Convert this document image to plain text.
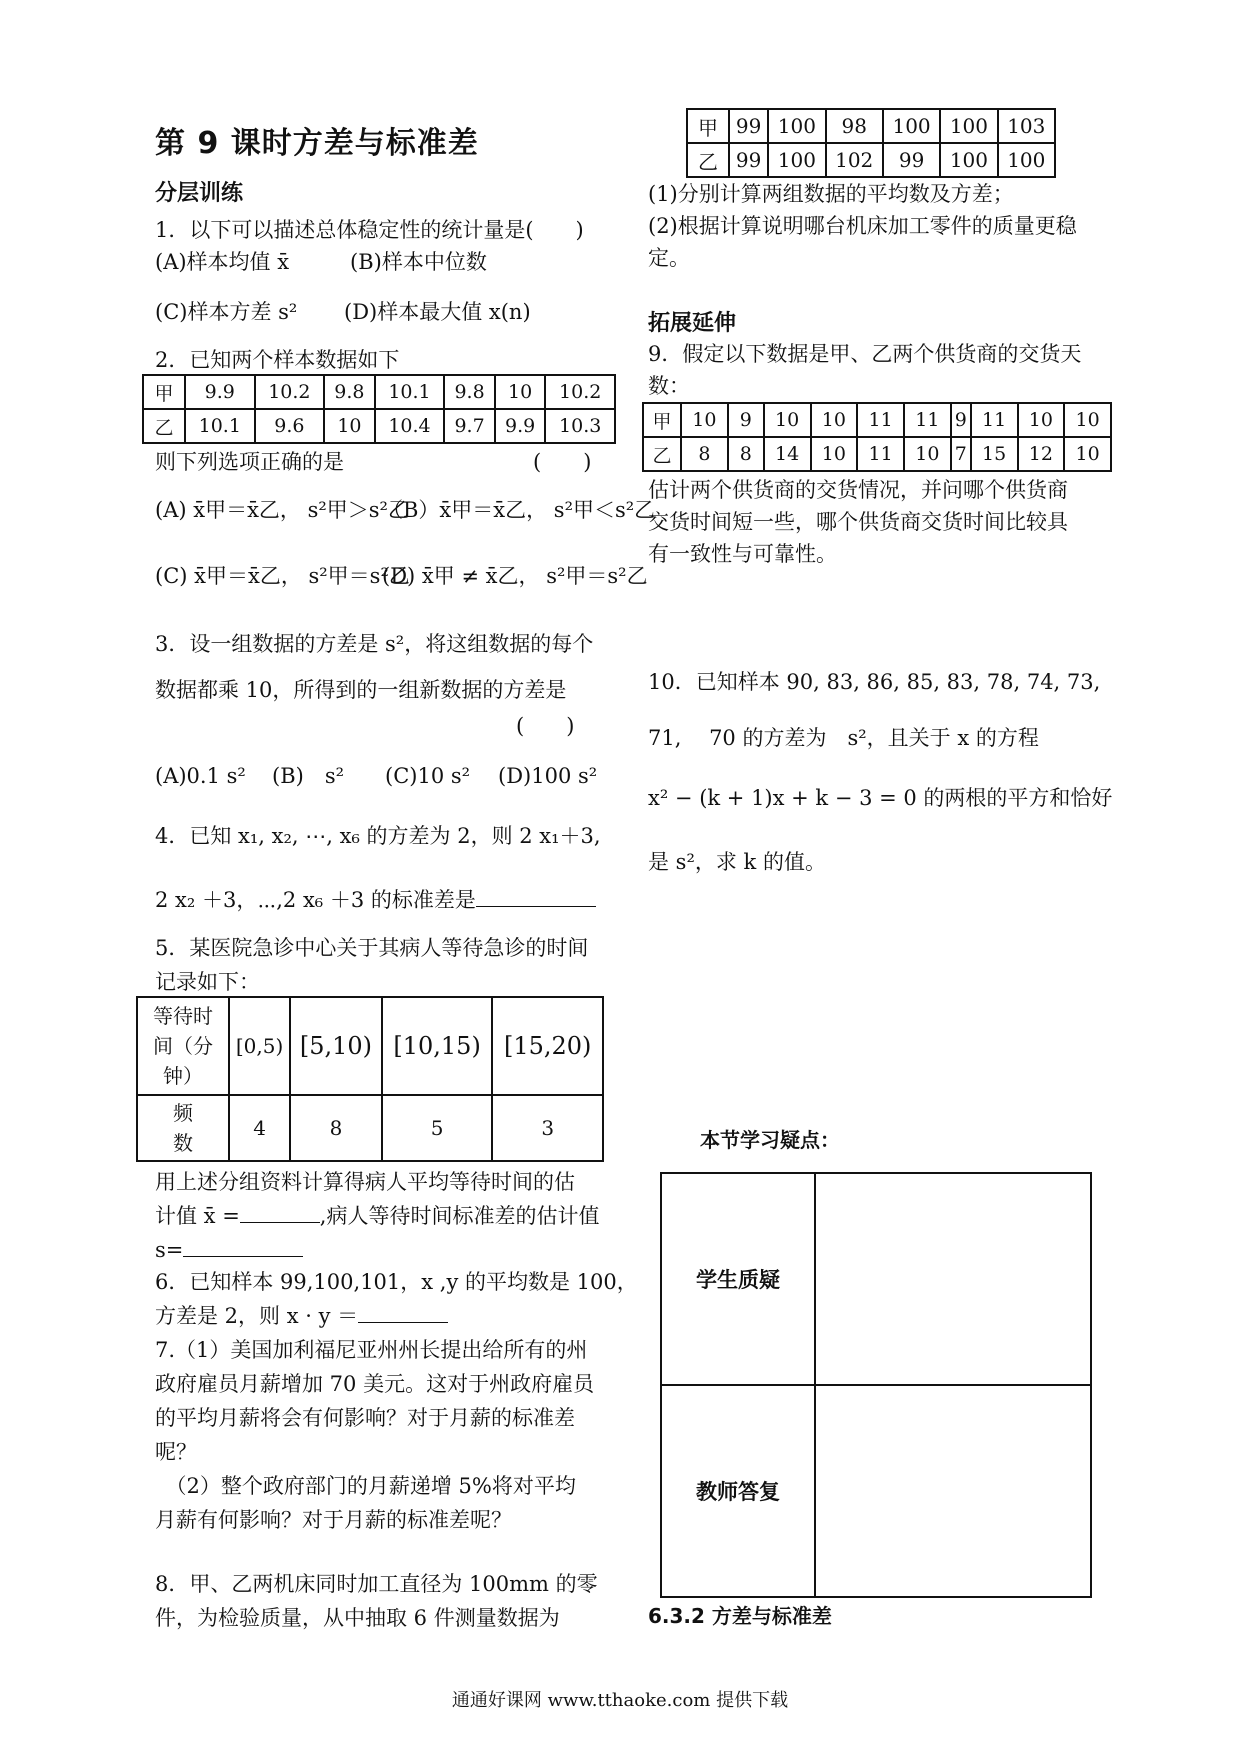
第 9 课时方差与标准差
分层训练
1．以下可以描述总体稳定性的统计量是(　　)
(A)样本均值 x̄	(B)样本中位数
(C)样本方差 s² (D)样本最大值 x(n)
2．已知两个样本数据如下
甲	9.9	10.2	9.8	10.1	9.8	10	10.2
乙	10.1	9.6	10	10.4	9.7	9.9	10.3
则下列选项正确的是　　　　　　　　　(　　)
(A) x̄甲＝x̄乙， s²甲＞s²乙
（B）x̄甲＝x̄乙， s²甲＜s²乙
(C) x̄甲＝x̄乙， s²甲＝s²乙
(D) x̄甲 ≠ x̄乙， s²甲＝s²乙
3．设一组数据的方差是 s²，将这组数据的每个
数据都乘 10，所得到的一组新数据的方差是
(　　)
(A)0.1 s² (B)　s² (C)10 s² (D)100 s²
4．已知 x₁, x₂, ⋯, x₆ 的方差为 2，则 2 x₁＋3,
2 x₂ ＋3，⋯,2 x₆ ＋3 的标准差是
5．某医院急诊中心关于其病人等待急诊的时间
记录如下：
等待时
间（分
钟）	[0,5)	[5,10)	[10,15)	[15,20)

频
数	4	8	5	3
用上述分组资料计算得病人平均等待时间的估
计值 x̄ =	,病人等待时间标准差的估计值
s=
6．已知样本 99,100,101，x ,y 的平均数是 100，
方差是 2，则 x · y ＝
7.（1）美国加利福尼亚州州长提出给所有的州
政府雇员月薪增加 70 美元。这对于州政府雇员
的平均月薪将会有何影响？对于月薪的标准差
呢？
　（2）整个政府部门的月薪递增 5%将对平均
月薪有何影响？对于月薪的标准差呢？
8．甲、乙两机床同时加工直径为 100mm 的零
件，为检验质量，从中抽取 6 件测量数据为
甲	99	100	98	100	100	103
乙	99	100	102	99	100	100
(1)分别计算两组数据的平均数及方差；
(2)根据计算说明哪台机床加工零件的质量更稳
定。
拓展延伸
9．假定以下数据是甲、乙两个供货商的交货天
数：
甲	10	9	10	10	11	11	9	11	10	10
乙	8	8	14	10	11	10	7	15	12	10
估计两个供货商的交货情况，并问哪个供货商
交货时间短一些，哪个供货商交货时间比较具
有一致性与可靠性。
10．已知样本 90, 83, 86, 85, 83, 78, 74, 73,
71,　 70 的方差为　s²，且关于 x 的方程
x² − (k + 1)x + k − 3 = 0 的两根的平方和恰好
是 s²，求 k 的值。
本节学习疑点：
学生质疑	
教师答复	
6.3.2 方差与标准差
通通好课网 www.tthaoke.com 提供下载
